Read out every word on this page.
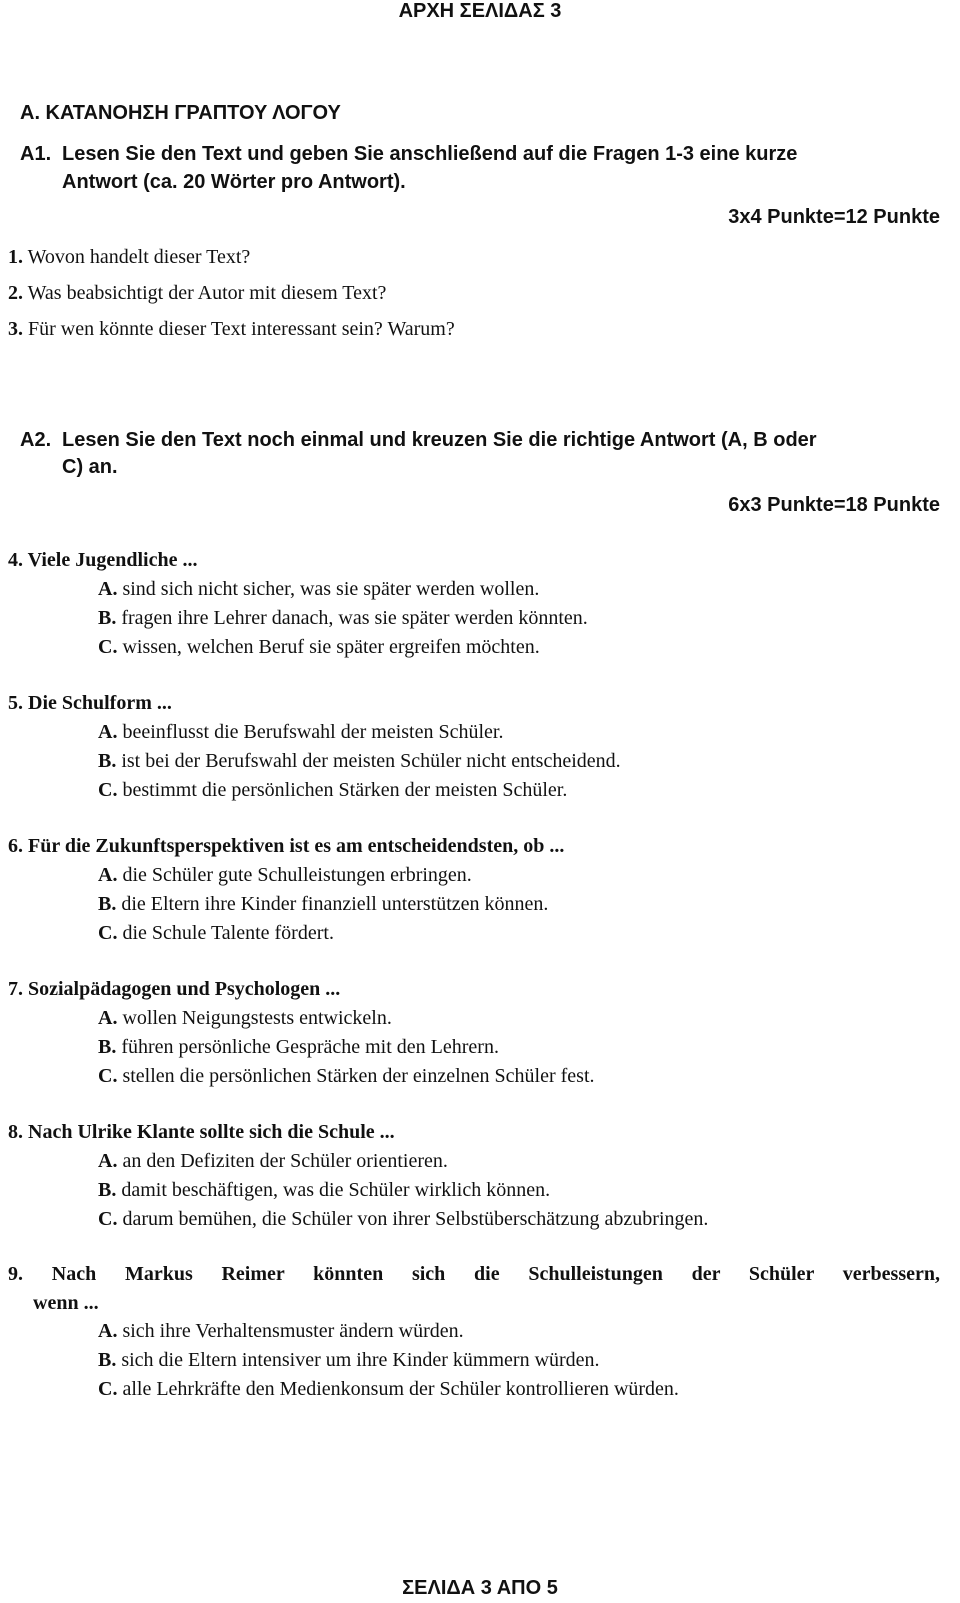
ΑΡΧΗ ΣΕΛΙΔΑΣ 3
ΣΕΛΙΔΑ 3 ΑΠΟ 5
A. ΚΑΤΑΝΟΗΣΗ ΓΡΑΠΤΟΥ ΛΟΓΟΥ
A1. Lesen Sie den Text und geben Sie anschließend auf die Fragen 1-3 eine kurze
Antwort (ca. 20 Wörter pro Antwort).
3x4 Punkte=12 Punkte
1. Wovon handelt dieser Text?
2. Was beabsichtigt der Autor mit diesem Text?
3. Für wen könnte dieser Text interessant sein? Warum?
A2. Lesen Sie den Text noch einmal und kreuzen Sie die richtige Antwort (A, B oder
C) an.
6x3 Punkte=18 Punkte
4. Viele Jugendliche ...
A. sind sich nicht sicher, was sie später werden wollen.
B. fragen ihre Lehrer danach, was sie später werden könnten.
C. wissen, welchen Beruf sie später ergreifen möchten.
5. Die Schulform ...
A. beeinflusst die Berufswahl der meisten Schüler.
B. ist bei der Berufswahl der meisten Schüler nicht entscheidend.
C. bestimmt die persönlichen Stärken der meisten Schüler.
6. Für die Zukunftsperspektiven ist es am entscheidendsten, ob ...
A. die Schüler gute Schulleistungen erbringen.
B. die Eltern ihre Kinder finanziell unterstützen können.
C. die Schule Talente fördert.
7. Sozialpädagogen und Psychologen ...
A. wollen Neigungstests entwickeln.
B. führen persönliche Gespräche mit den Lehrern.
C. stellen die persönlichen Stärken der einzelnen Schüler fest.
8. Nach Ulrike Klante sollte sich die Schule ...
A. an den Defiziten der Schüler orientieren.
B. damit beschäftigen, was die Schüler wirklich können.
C. darum bemühen, die Schüler von ihrer Selbstüberschätzung abzubringen.
9. Nach Markus Reimer könnten sich die Schulleistungen der Schüler verbessern,
wenn ...
A. sich ihre Verhaltensmuster ändern würden.
B. sich die Eltern intensiver um ihre Kinder kümmern würden.
C. alle Lehrkräfte den Medienkonsum der Schüler kontrollieren würden.
